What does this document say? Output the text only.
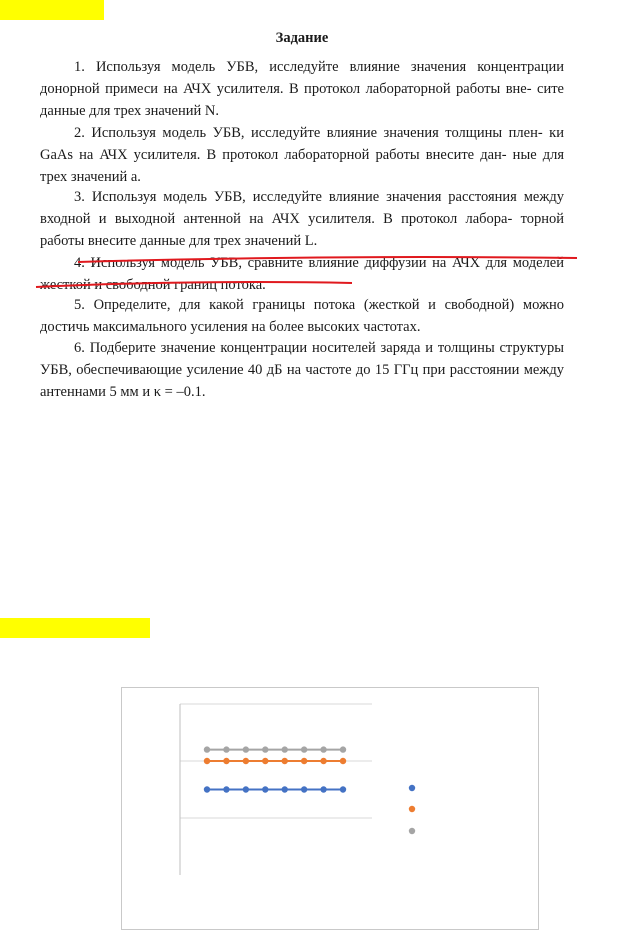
Задание

1. Используя модель УБВ, исследуйте влияние значения концентрации донорной примеси на АЧХ усилителя. В протокол лабораторной работы вне- сите данные для трех значений N.

2. Используя модель УБВ, исследуйте влияние значения толщины плен- ки GaAs на АЧХ усилителя. В протокол лабораторной работы внесите дан- ные для трех значений a.

3. Используя модель УБВ, исследуйте влияние значения расстояния между входной и выходной антенной на АЧХ усилителя. В протокол лабора- торной работы внесите данные для трех значений L.

4. Используя модель УБВ, сравните влияние диффузии на АЧХ для моделей жесткой и свободной границ потока.

5. Определите, для какой границы потока (жесткой и свободной) можно достичь максимального усиления на более высоких частотах.

6. Подберите значение концентрации носителей заряда и толщины структуры УБВ, обеспечивающие усиление 40 дБ на частоте до 15 ГГц при расстоянии между антеннами 5 мм и κ = –0.1.
